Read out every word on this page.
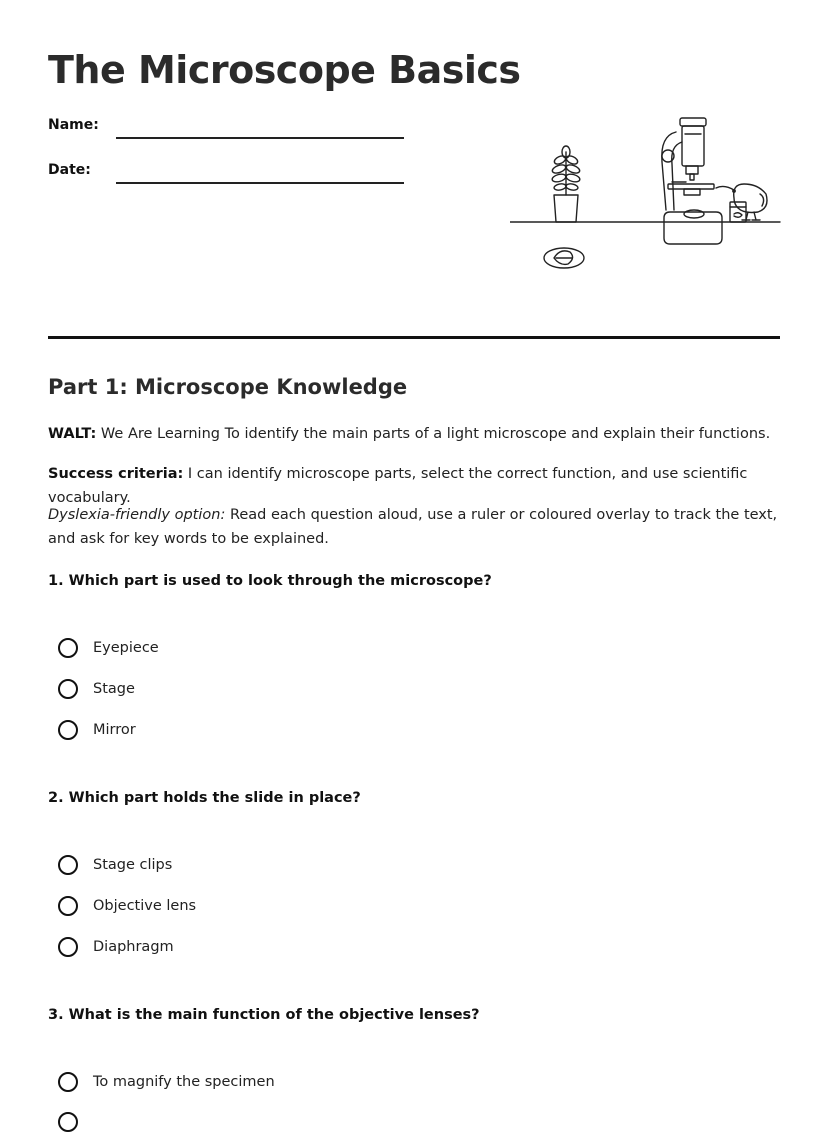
The Microscope Basics
Name:
Date:
Part 1: Microscope Knowledge

WALT: We Are Learning To identify the main parts of a light microscope and explain their functions.

Success criteria: I can identify microscope parts, select the correct function, and use scientific vocabulary.

Dyslexia-friendly option: Read each question aloud, use a ruler or coloured overlay to track the text, and ask for key words to be explained.

1. Which part is used to look through the microscope?

Eyepiece
Stage
Mirror

2. Which part holds the slide in place?

Stage clips
Objective lens
Diaphragm

3. What is the main function of the objective lenses?

To magnify the specimen
